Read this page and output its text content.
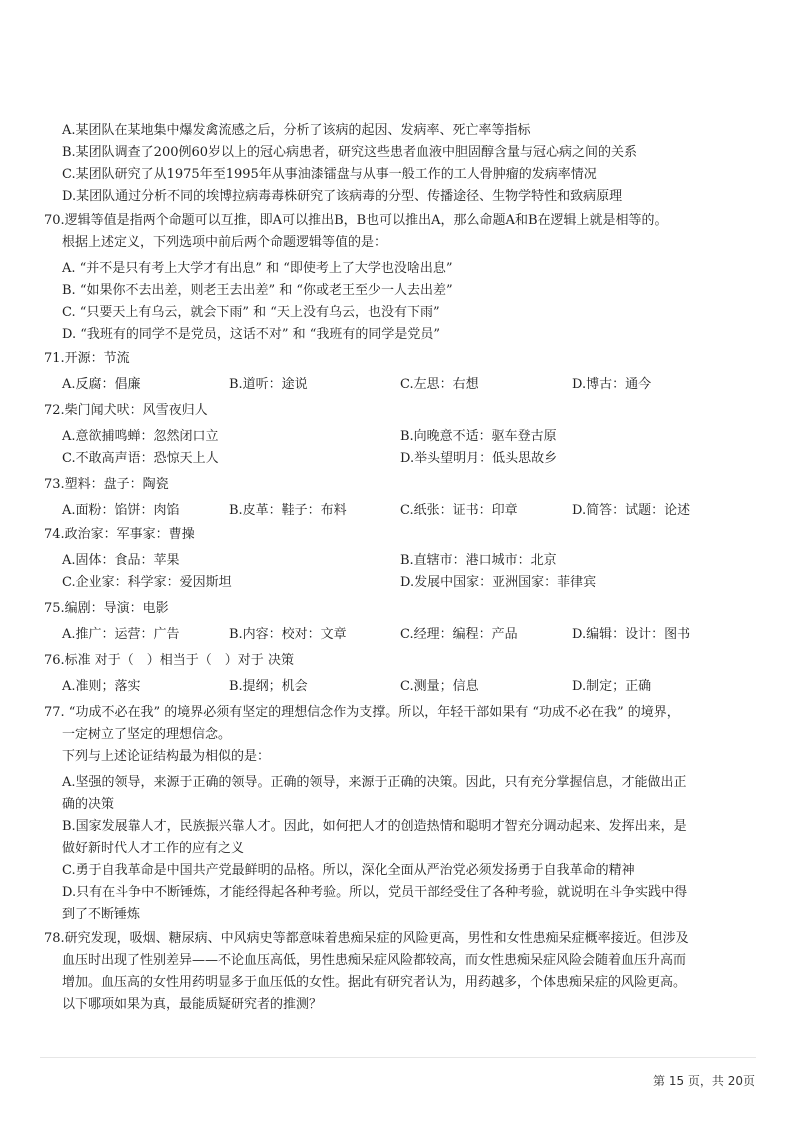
A.某团队在某地集中爆发禽流感之后，分析了该病的起因、发病率、死亡率等指标
B.某团队调查了200例60岁以上的冠心病患者，研究这些患者血液中胆固醇含量与冠心病之间的关系
C.某团队研究了从1975年至1995年从事油漆镭盘与从事一般工作的工人骨肿瘤的发病率情况
D.某团队通过分析不同的埃博拉病毒毒株研究了该病毒的分型、传播途径、生物学特性和致病原理
70.逻辑等值是指两个命题可以互推，即A可以推出B，B也可以推出A，那么命题A和B在逻辑上就是相等的。
根据上述定义，下列选项中前后两个命题逻辑等值的是：
A. “并不是只有考上大学才有出息” 和 “即使考上了大学也没啥出息”
B. “如果你不去出差，则老王去出差” 和 “你或老王至少一人去出差”
C. “只要天上有乌云，就会下雨” 和 “天上没有乌云，也没有下雨”
D. “我班有的同学不是党员，这话不对” 和 “我班有的同学是党员”
71.开源：节流
A.反腐：倡廉	B.道听：途说	C.左思：右想	D.博古：通今
72.柴门闻犬吠：风雪夜归人
A.意欲捕鸣蝉：忽然闭口立	B.向晚意不适：驱车登古原
C.不敢高声语：恐惊天上人	D.举头望明月：低头思故乡
73.塑料：盘子：陶瓷
A.面粉：馅饼：肉馅	B.皮革：鞋子：布料	C.纸张：证书：印章	D.简答：试题：论述
74.政治家：军事家：曹操
A.固体：食品：苹果	B.直辖市：港口城市：北京
C.企业家：科学家：爱因斯坦	D.发展中国家：亚洲国家：菲律宾
75.编剧：导演：电影
A.推广：运营：广告	B.内容：校对：文章	C.经理：编程：产品	D.编辑：设计：图书
76.标准 对于（　）相当于（　）对于 决策
A.准则；落实	B.提纲；机会	C.测量；信息	D.制定；正确
77. “功成不必在我” 的境界必须有坚定的理想信念作为支撑。所以，年轻干部如果有 “功成不必在我” 的境界，
一定树立了坚定的理想信念。
下列与上述论证结构最为相似的是：
A.坚强的领导，来源于正确的领导。正确的领导，来源于正确的决策。因此，只有充分掌握信息，才能做出正
确的决策
B.国家发展靠人才，民族振兴靠人才。因此，如何把人才的创造热情和聪明才智充分调动起来、发挥出来，是
做好新时代人才工作的应有之义
C.勇于自我革命是中国共产党最鲜明的品格。所以，深化全面从严治党必须发扬勇于自我革命的精神
D.只有在斗争中不断锤炼，才能经得起各种考验。所以，党员干部经受住了各种考验，就说明在斗争实践中得
到了不断锤炼
78.研究发现，吸烟、糖尿病、中风病史等都意味着患痴呆症的风险更高，男性和女性患痴呆症概率接近。但涉及
血压时出现了性别差异——不论血压高低，男性患痴呆症风险都较高，而女性患痴呆症风险会随着血压升高而
增加。血压高的女性用药明显多于血压低的女性。据此有研究者认为，用药越多，个体患痴呆症的风险更高。
以下哪项如果为真，最能质疑研究者的推测？
第 15 页，共 20页
